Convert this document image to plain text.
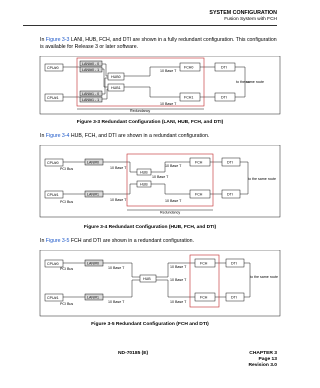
SYSTEM CONFIGURATION
Fusion System with FCH
In Figure 3-3 LANI, HUB, FCH, and DTI are shown in a fully redundant configuration. This configuration is available for Release 3 or later software.
CPU#0
CPU#1
LANI#0 - 0
LANI#0 - 1
LANI#1 - 0
LANI#1 - 1
HUB0
HUB1
10 Base T
10 Base T
FCH0
FCH1
DTI
DTI
to the same route
Redundancy
Figure 3-3 Redundant Configuration (LANI, HUB, FCH, and DTI)
In Figure 3-4 HUB, FCH, and DTI are shown in a redundant configuration.
CPU#0
CPU#1
PCI Bus
PCI Bus
LANI#0
LANI#1
HUB
HUB
10 Base T
10 Base T
10 Base T
10 Base T
10 Base T
FCH
FCH
DTI
DTI
to the same route
Redundancy
Figure 3-4 Redundant Configuration (HUB, FCH, and DTI)
In Figure 3-5 FCH and DTI are shown in a redundant configuration.
CPU#0
CPU#1
PCI Bus
PCI Bus
LANI#0
LANI#1
HUB
10 Base T
10 Base T
10 Base T
10 Base T
10 Base T
FCH
FCH
DTI
DTI
to the same route
Figure 3-5 Redundant Configuration (FCH and DTI)
ND-70185 (E)	CHAPTER 3
Page 13
Revision 3.0
